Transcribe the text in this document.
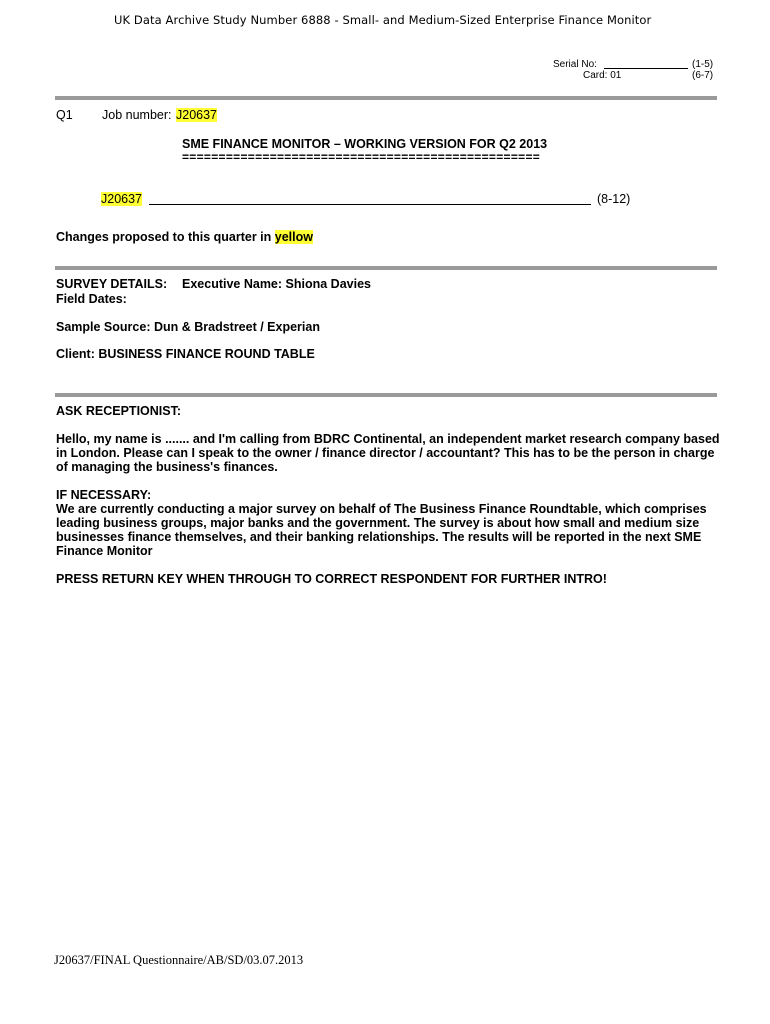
UK Data Archive Study Number 6888 - Small- and Medium-Sized Enterprise Finance Monitor
Serial No:	(1-5)
Card: 01	(6-7)
Q1 Job number: J20637
SME FINANCE MONITOR – WORKING VERSION FOR Q2 2013
=================================================
J20637	(8-12)
Changes proposed to this quarter in yellow
SURVEY DETAILS: Executive Name: Shiona Davies
Field Dates:
Sample Source: Dun & Bradstreet / Experian
Client: BUSINESS FINANCE ROUND TABLE
ASK RECEPTIONIST:
Hello, my name is ....... and I'm calling from BDRC Continental, an independent market research company based in London. Please can I speak to the owner / finance director / accountant? This has to be the person in charge of managing the business's finances.
IF NECESSARY:
We are currently conducting a major survey on behalf of The Business Finance Roundtable, which comprises leading business groups, major banks and the government. The survey is about how small and medium size businesses finance themselves, and their banking relationships. The results will be reported in the next SME Finance Monitor
PRESS RETURN KEY WHEN THROUGH TO CORRECT RESPONDENT FOR FURTHER INTRO!
J20637/FINAL Questionnaire/AB/SD/03.07.2013
